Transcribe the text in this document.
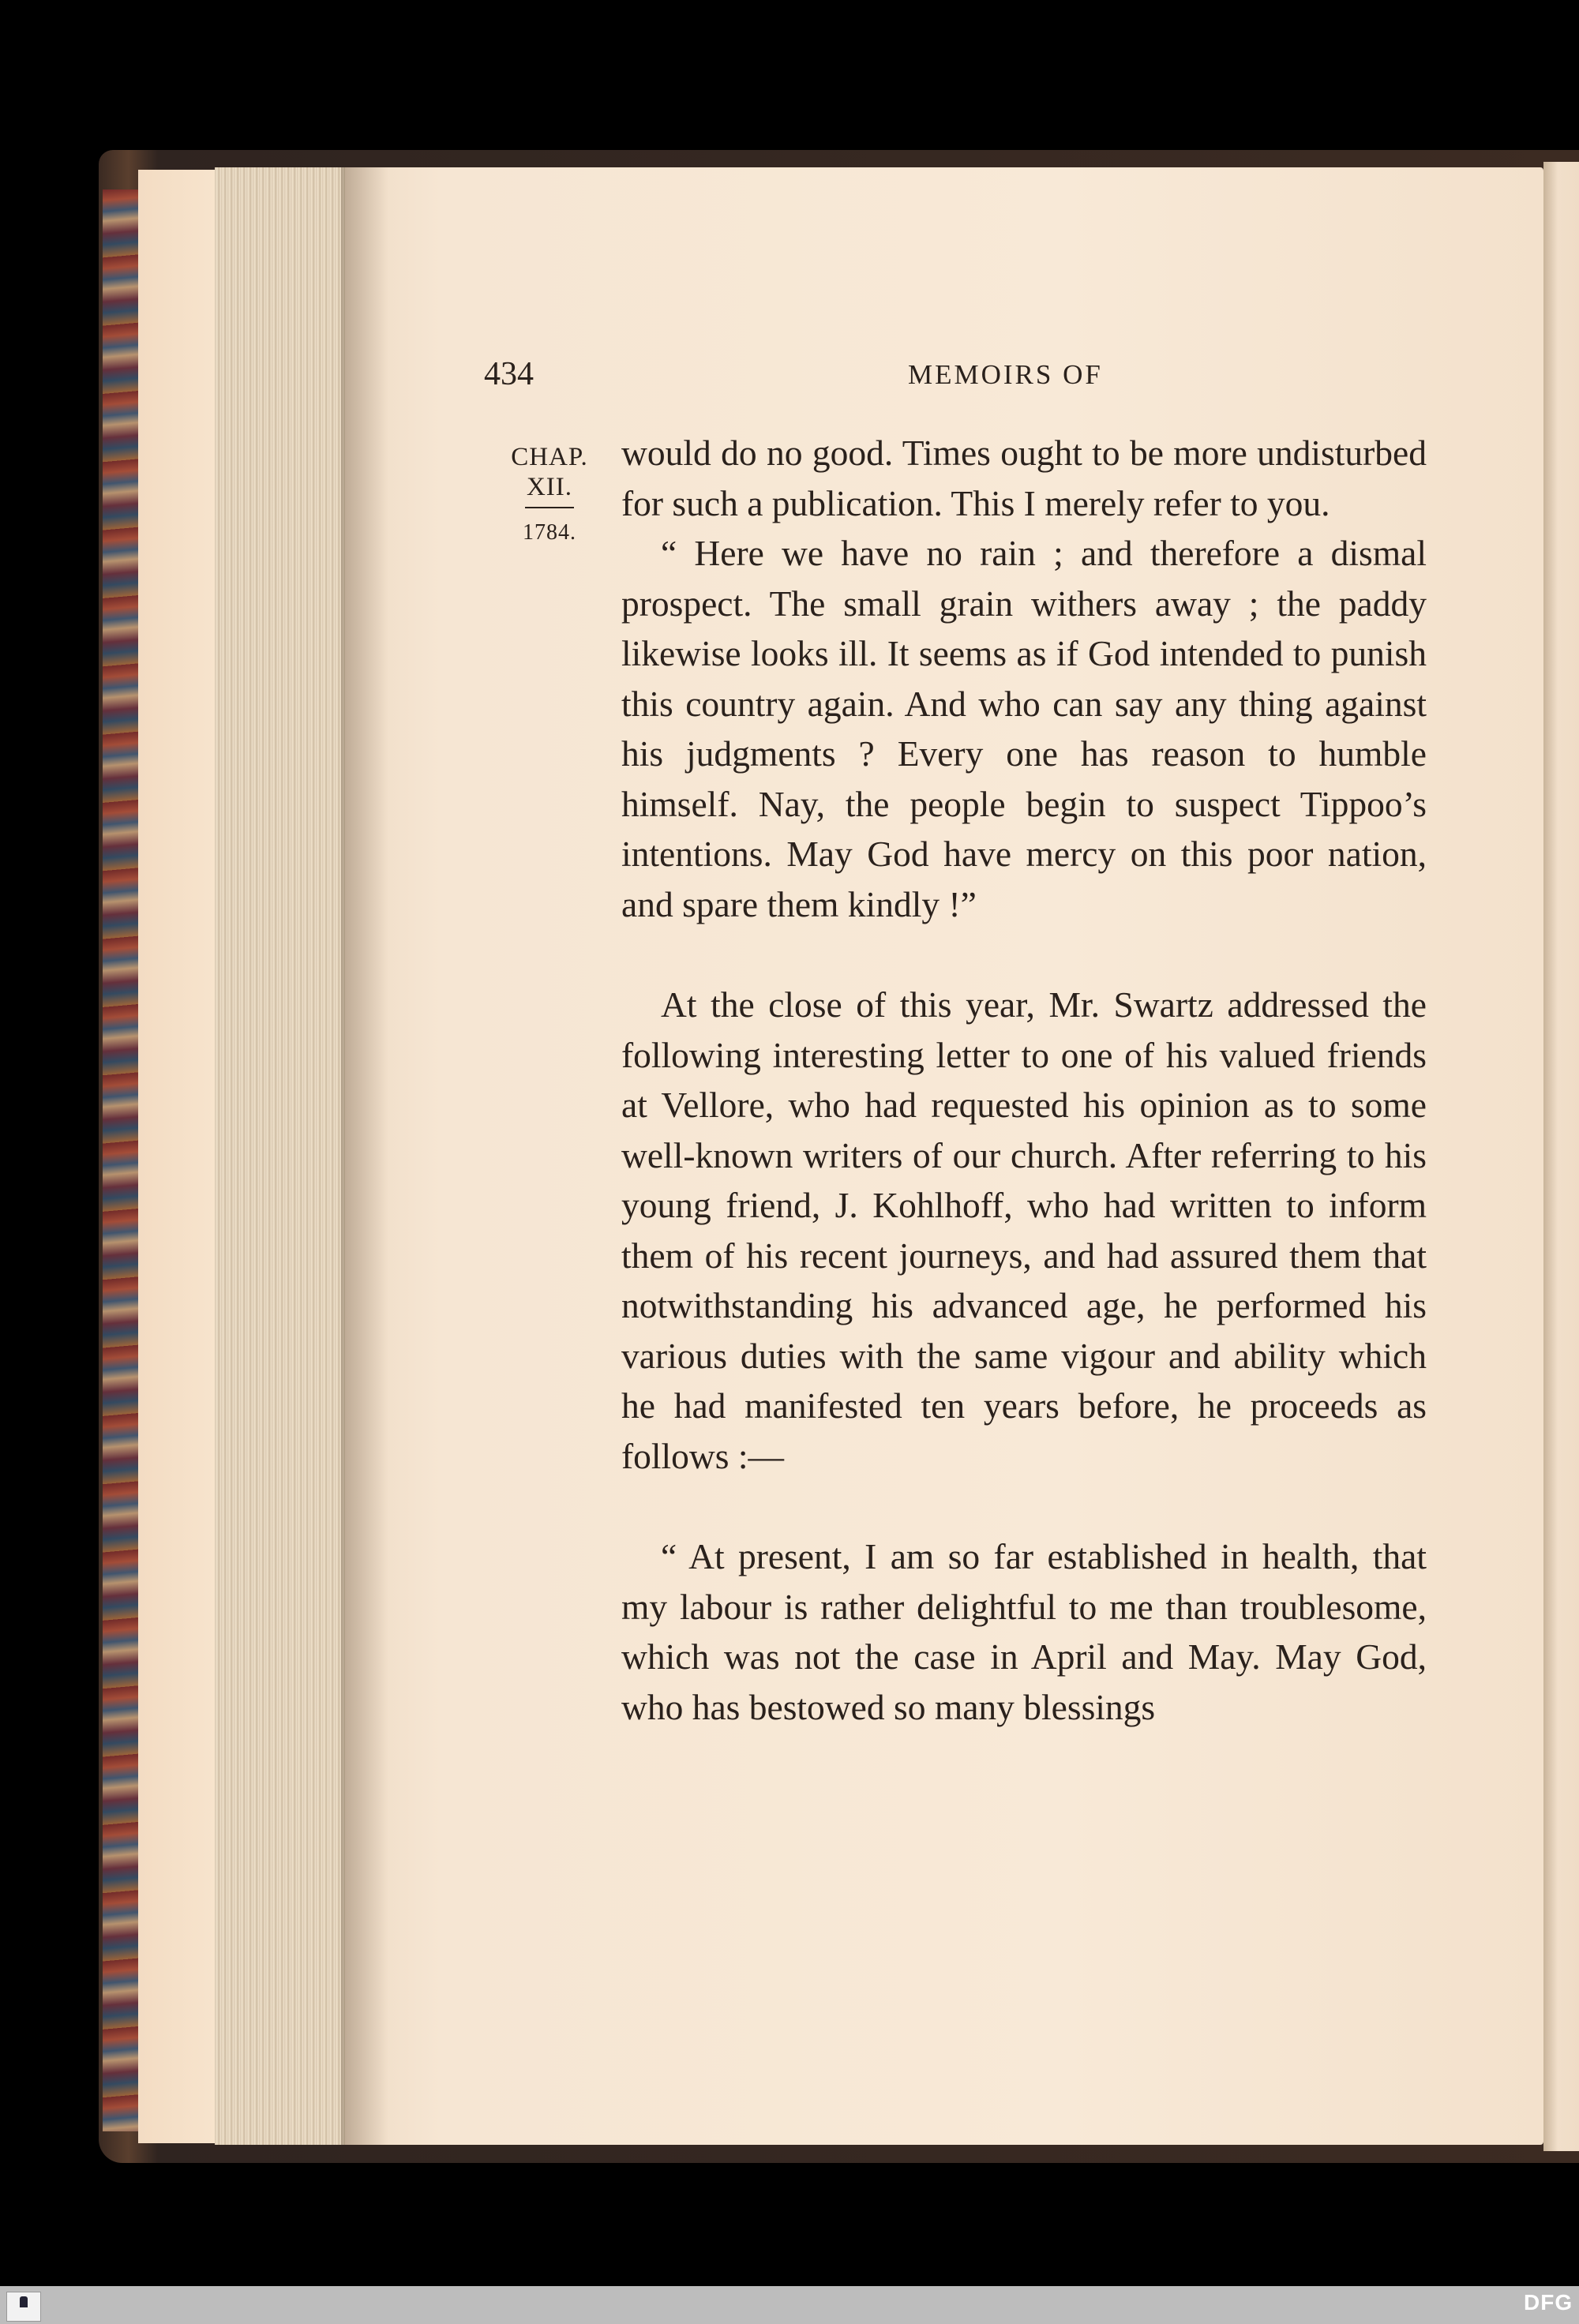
434	MEMOIRS OF
CHAP.
XII.
1784.

would do no good. Times ought to be more undisturbed for such a publication. This I merely refer to you.

“ Here we have no rain ; and therefore a dismal prospect. The small grain withers away ; the paddy likewise looks ill. It seems as if God intended to punish this country again. And who can say any thing against his judgments ? Every one has reason to humble himself. Nay, the people begin to suspect Tippoo’s intentions. May God have mercy on this poor nation, and spare them kindly !”

At the close of this year, Mr. Swartz addressed the following interesting letter to one of his valued friends at Vellore, who had requested his opinion as to some well-known writers of our church. After referring to his young friend, J. Kohlhoff, who had written to inform them of his recent journeys, and had assured them that notwithstanding his advanced age, he performed his various duties with the same vigour and ability which he had manifested ten years before, he proceeds as follows :—

“ At present, I am so far established in health, that my labour is rather delightful to me than troublesome, which was not the case in April and May. May God, who has bestowed so many blessings

DFG
